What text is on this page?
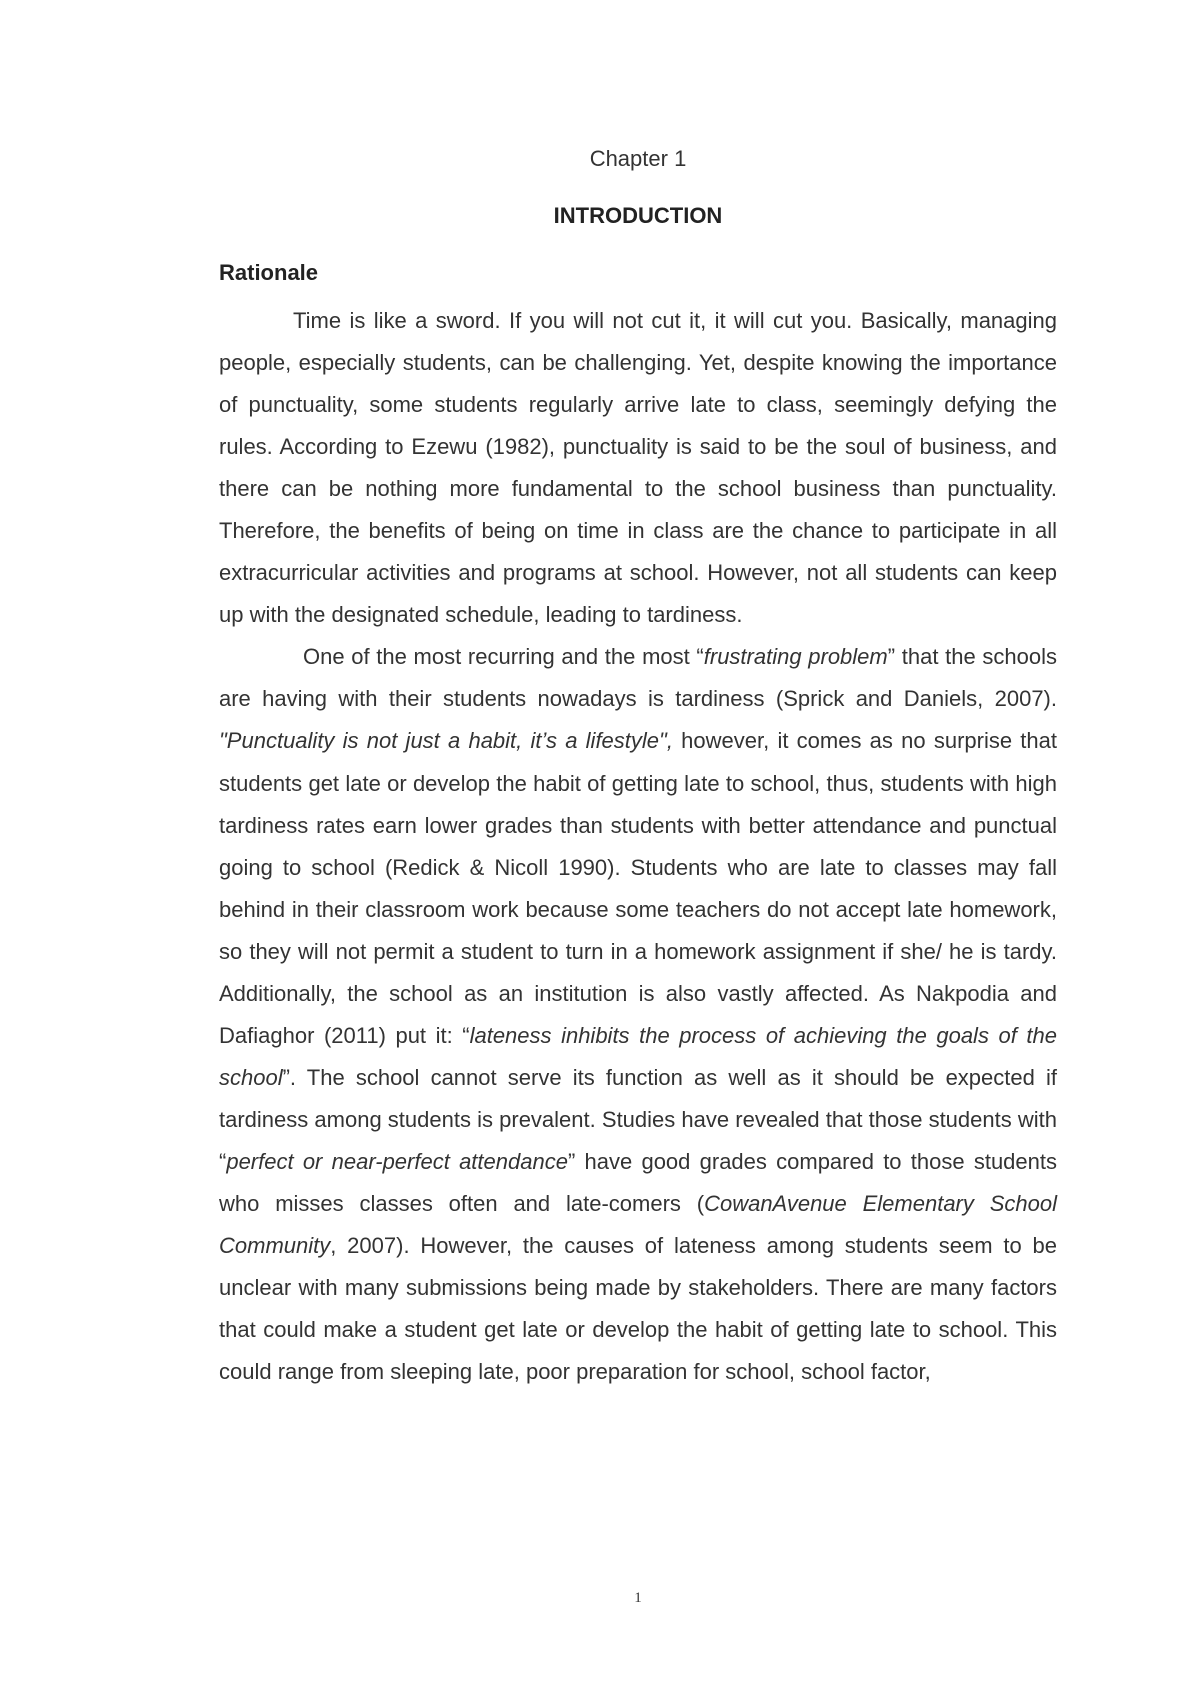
Chapter 1
INTRODUCTION
Rationale

Time is like a sword. If you will not cut it, it will cut you. Basically, managing people, especially students, can be challenging. Yet, despite knowing the importance of punctuality, some students regularly arrive late to class, seemingly defying the rules. According to Ezewu (1982), punctuality is said to be the soul of business, and there can be nothing more fundamental to the school business than punctuality. Therefore, the benefits of being on time in class are the chance to participate in all extracurricular activities and programs at school. However, not all students can keep up with the designated schedule, leading to tardiness.

One of the most recurring and the most “frustrating problem” that the schools are having with their students nowadays is tardiness (Sprick and Daniels, 2007). "Punctuality is not just a habit, it’s a lifestyle", however, it comes as no surprise that students get late or develop the habit of getting late to school, thus, students with high tardiness rates earn lower grades than students with better attendance and punctual going to school (Redick & Nicoll 1990). Students who are late to classes may fall behind in their classroom work because some teachers do not accept late homework, so they will not permit a student to turn in a homework assignment if she/ he is tardy. Additionally, the school as an institution is also vastly affected. As Nakpodia and Dafiaghor (2011) put it: “lateness inhibits the process of achieving the goals of the school”. The school cannot serve its function as well as it should be expected if tardiness among students is prevalent. Studies have revealed that those students with “perfect or near-perfect attendance” have good grades compared to those students who misses classes often and late-comers (CowanAvenue Elementary School Community, 2007). However, the causes of lateness among students seem to be unclear with many submissions being made by stakeholders. There are many factors that could make a student get late or develop the habit of getting late to school. This could range from sleeping late, poor preparation for school, school factor,

1
